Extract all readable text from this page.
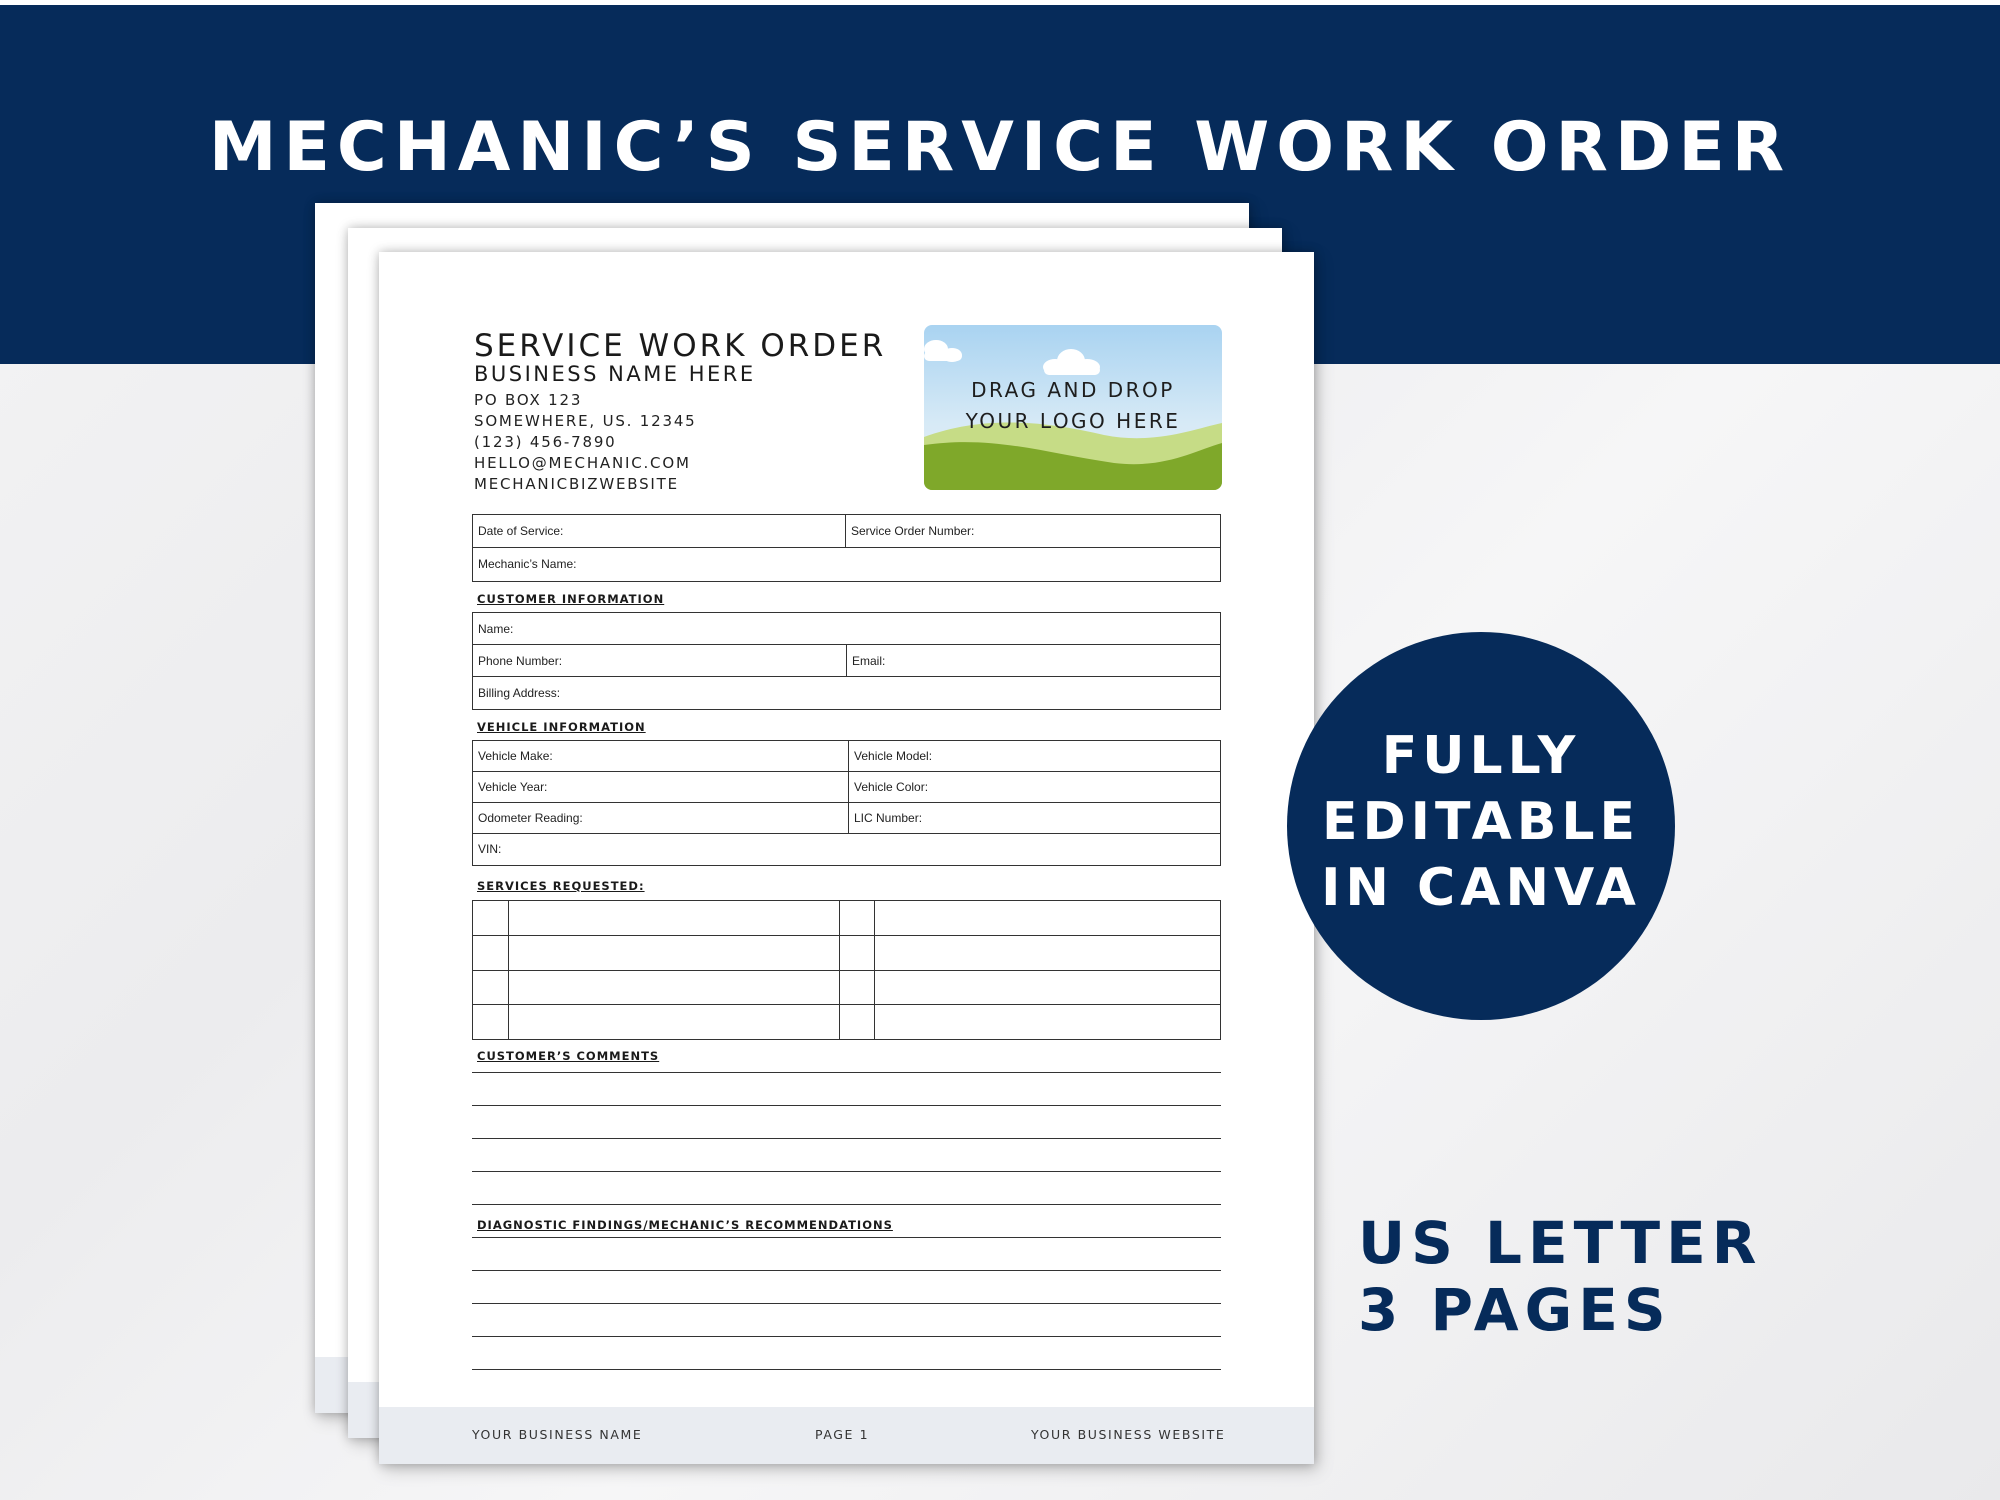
MECHANIC’S SERVICE WORK ORDER
SERVICE WORK ORDER
BUSINESS NAME HERE
PO BOX 123
SOMEWHERE, US. 12345
(123) 456-7890
HELLO@MECHANIC.COM
MECHANICBIZWEBSITE
DRAG AND DROP
YOUR LOGO HERE
Date of Service:	Service Order Number:
Mechanic’s Name:
CUSTOMER INFORMATION
Name:
Phone Number:	Email:
Billing Address:
VEHICLE INFORMATION
Vehicle Make:	Vehicle Model:
Vehicle Year:	Vehicle Color:
Odometer Reading:	LIC Number:
VIN:
SERVICES REQUESTED:
CUSTOMER’S COMMENTS
DIAGNOSTIC FINDINGS/MECHANIC’S RECOMMENDATIONS
YOUR BUSINESS NAME	PAGE 1	YOUR BUSINESS WEBSITE
FULLY
EDITABLE
IN CANVA
US LETTER
3 PAGES
